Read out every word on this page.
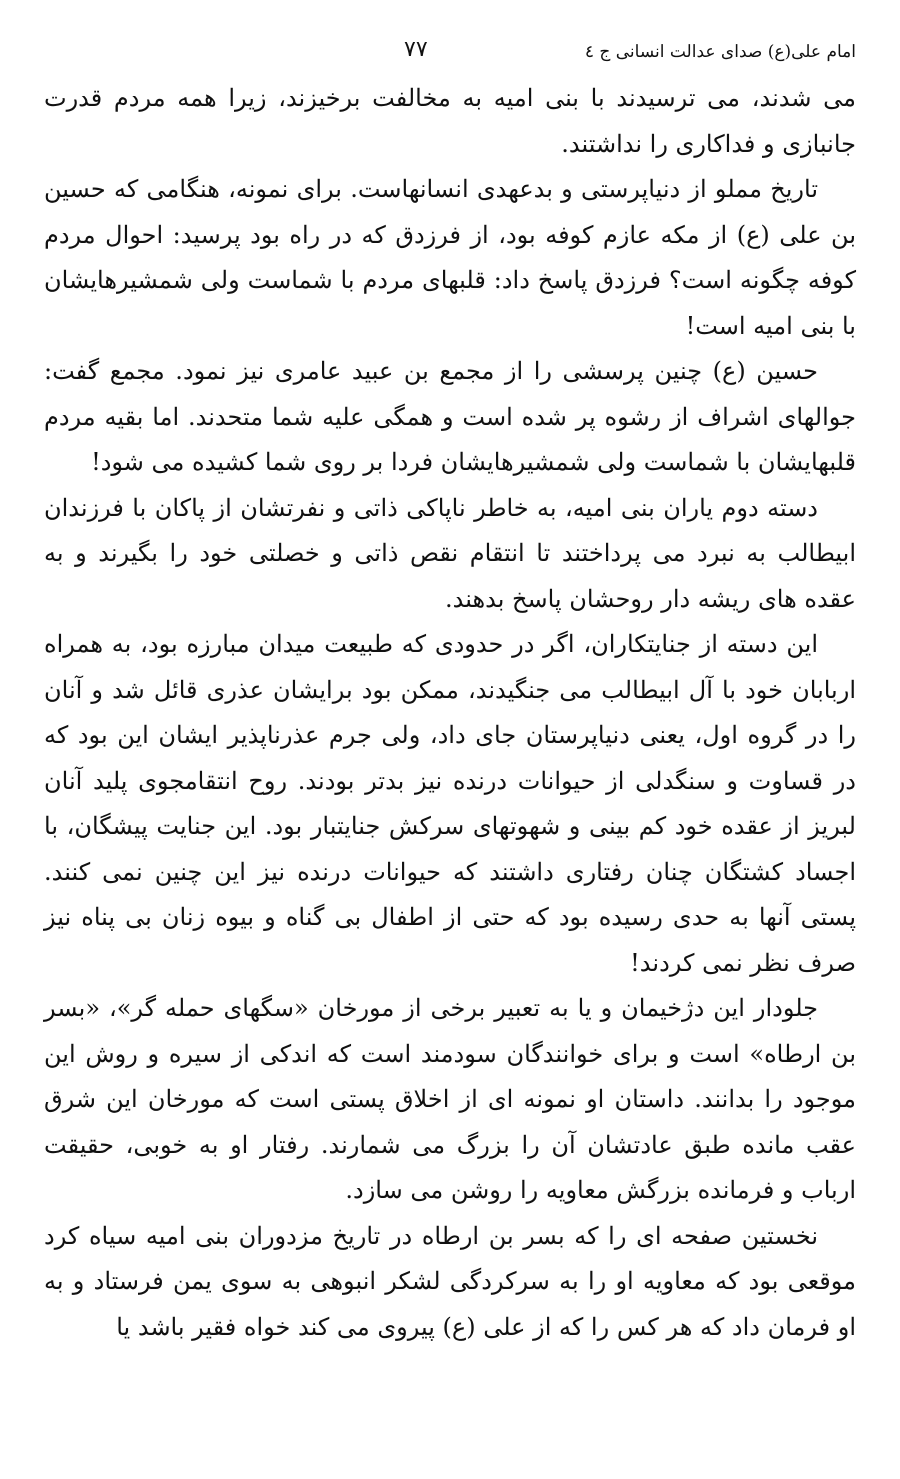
امام علی(ع) صدای عدالت انسانی ج ٤
٧٧

می شدند، می ترسیدند با بنی امیه به مخالفت برخیزند، زیرا همه مردم قدرت جانبازی و فداکاری را نداشتند.

تاریخ مملو از دنیاپرستی و بدعهدی انسانهاست. برای نمونه، هنگامی که حسین بن علی (ع) از مکه عازم کوفه بود، از فرزدق که در راه بود پرسید: احوال مردم کوفه چگونه است؟ فرزدق پاسخ داد: قلبهای مردم با شماست ولی شمشیرهایشان با بنی امیه است!

حسین (ع) چنین پرسشی را از مجمع بن عبید عامری نیز نمود. مجمع گفت: جوالهای اشراف از رشوه پر شده است و همگی علیه شما متحدند. اما بقیه مردم قلبهایشان با شماست ولی شمشیرهایشان فردا بر روی شما کشیده می شود!

دسته دوم یاران بنی امیه، به خاطر ناپاکی ذاتی و نفرتشان از پاکان با فرزندان ابیطالب به نبرد می پرداختند تا انتقام نقص ذاتی و خصلتی خود را بگیرند و به عقده های ریشه دار روحشان پاسخ بدهند.

این دسته از جنایتکاران، اگر در حدودی که طبیعت میدان مبارزه بود، به همراه اربابان خود با آل ابیطالب می جنگیدند، ممکن بود برایشان عذری قائل شد و آنان را در گروه اول، یعنی دنیاپرستان جای داد، ولی جرم عذرناپذیر ایشان این بود که در قساوت و سنگدلی از حیوانات درنده نیز بدتر بودند. روح انتقامجوی پلید آنان لبریز از عقده خود کم بینی و شهوتهای سرکش جنایتبار بود. این جنایت پیشگان، با اجساد کشتگان چنان رفتاری داشتند که حیوانات درنده نیز این چنین نمی کنند. پستی آنها به حدی رسیده بود که حتی از اطفال بی گناه و بیوه زنان بی پناه نیز صرف نظر نمی کردند!

جلودار این دژخیمان و یا به تعبیر برخی از مورخان «سگهای حمله گر»، «بسر بن ارطاه» است و برای خوانندگان سودمند است که اندکی از سیره و روش این موجود را بدانند. داستان او نمونه ای از اخلاق پستی است که مورخان این شرق عقب مانده طبق عادتشان آن را بزرگ می شمارند. رفتار او به خوبی، حقیقت ارباب و فرمانده بزرگش معاویه را روشن می سازد.

نخستین صفحه ای را که بسر بن ارطاه در تاریخ مزدوران بنی امیه سیاه کرد موقعی بود که معاویه او را به سرکردگی لشکر انبوهی به سوی یمن فرستاد و به او فرمان داد که هر کس را که از علی (ع) پیروی می کند خواه فقیر باشد یا
